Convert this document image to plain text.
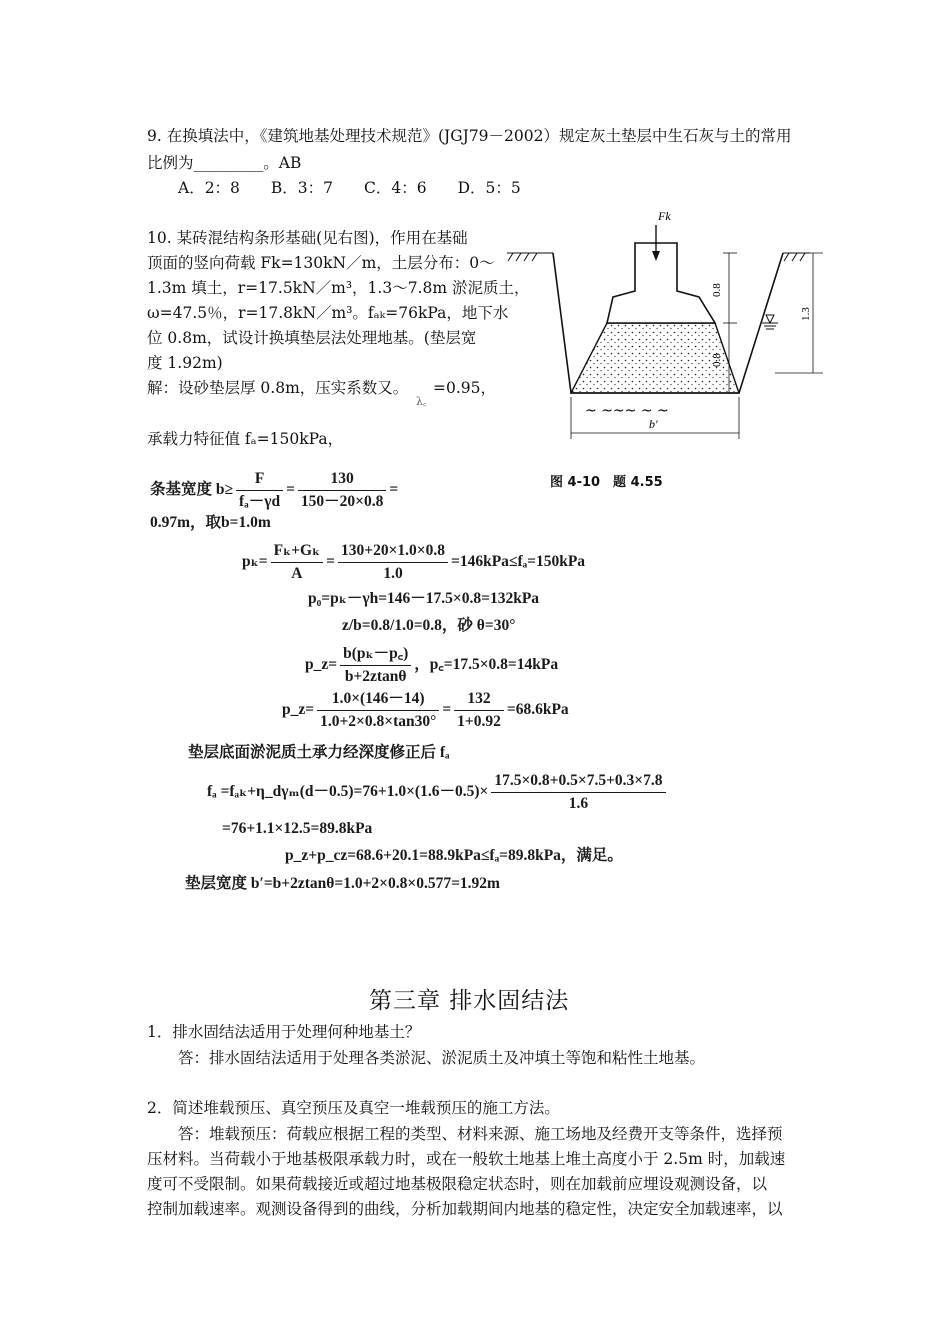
9. 在换填法中，《建筑地基处理技术规范》(JGJ79－2002）规定灰土垫层中生石灰与土的常用
比例为_________。AB
A．2：8　　B．3：7　　C．4：6　　D．5：5
10. 某砖混结构条形基础(见右图)，作用在基础
顶面的竖向荷载 Fk=130kN／m，土层分布：0～
1.3m 填土，r=17.5kN／m³，1.3～7.8m 淤泥质土，
ω=47.5％，r=17.8kN／m³。fₐₖ=76kPa，地下水
位 0.8m，试设计换填垫层法处理地基。(垫层宽
度 1.92m)
解：设砂垫层厚 0.8m，压实系数又。
λ꜀
=0.95，
承载力特征值 fₐ=150kPa，
Fk
0.8
0.8
1.3
~ ~~~ ~ ~
b′
图 4-10　题 4.55
条基宽度 $b\ge \frac{F}{\text{fₐ－γd}} = \frac{130}{150-20\times 0.8}$ =
0.97m，取b=1.0m
$p_k= \frac{\text{Fₖ+Gₖ}}{A} = \frac{130+20\times 1.0\times 0.8}{1.0} =146kPa\le f_a=150kPa$
p₀=pₖ－γh=146－17.5×0.8=132kPa
z/b=0.8/1.0=0.8，砂 θ=30°
p_z= $\frac{\text{b(pₖ－p꜀)}}{b+2ztan\theta}$ ，p꜀=17.5×0.8=14kPa
p_z= $\frac{1.0\times(146-14)}{1.0+2\times 0.8\times\tan 30^\circ} = \frac{132}{1+0.92} =68.6kPa$
垫层底面淤泥质土承力经深度修正后 fₐ
fₐ =fₐₖ+η_dγₘ(d－0.5)=76+1.0×(1.6－0.5)× $\frac{17.5\times 0.8+0.5\times 7.5+0.3\times 7.8}{1.6}$
=76+1.1×12.5=89.8kPa
p_z+p_cz=68.6+20.1=88.9kPa≤fₐ=89.8kPa，满足。
垫层宽度 b′=b+2ztanθ=1.0+2×0.8×0.577=1.92m
第三章 排水固结法
1．排水固结法适用于处理何种地基土？
答：排水固结法适用于处理各类淤泥、淤泥质土及冲填土等饱和粘性土地基。
2．简述堆载预压、真空预压及真空一堆载预压的施工方法。
答：堆载预压：荷载应根据工程的类型、材料来源、施工场地及经费开支等条件，选择预
压材料。当荷载小于地基极限承载力时，或在一般软土地基上堆土高度小于 2.5m 时，加载速
度可不受限制。如果荷载接近或超过地基极限稳定状态时，则在加载前应埋设观测设备，以
控制加载速率。观测设备得到的曲线，分析加载期间内地基的稳定性，决定安全加载速率，以
